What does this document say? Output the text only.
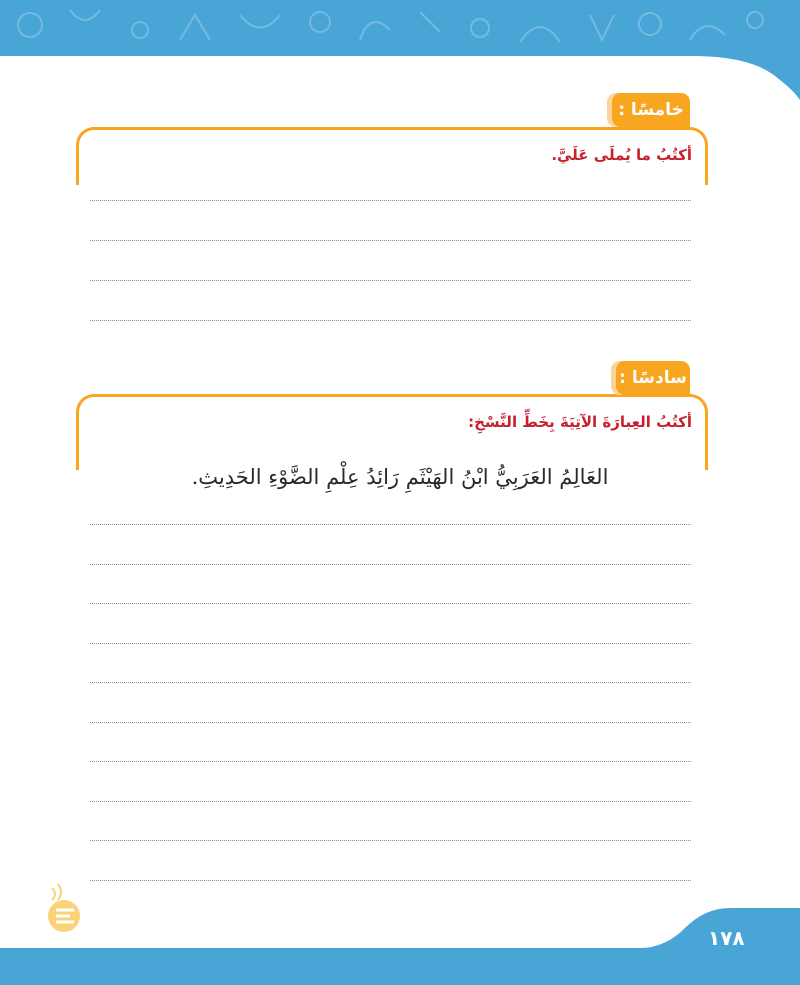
خامسًا :
أكتُبُ ما يُملَى عَلَيَّ.
سادسًا :
أكتُبُ العِبارَةَ الآتِيَةَ بِخَطِّ النَّسْخِ:
العَالِمُ العَرَبِيُّ ابْنُ الهَيْثَمِ رَائِدُ عِلْمِ الضَّوْءِ الحَدِيثِ.
١٧٨
